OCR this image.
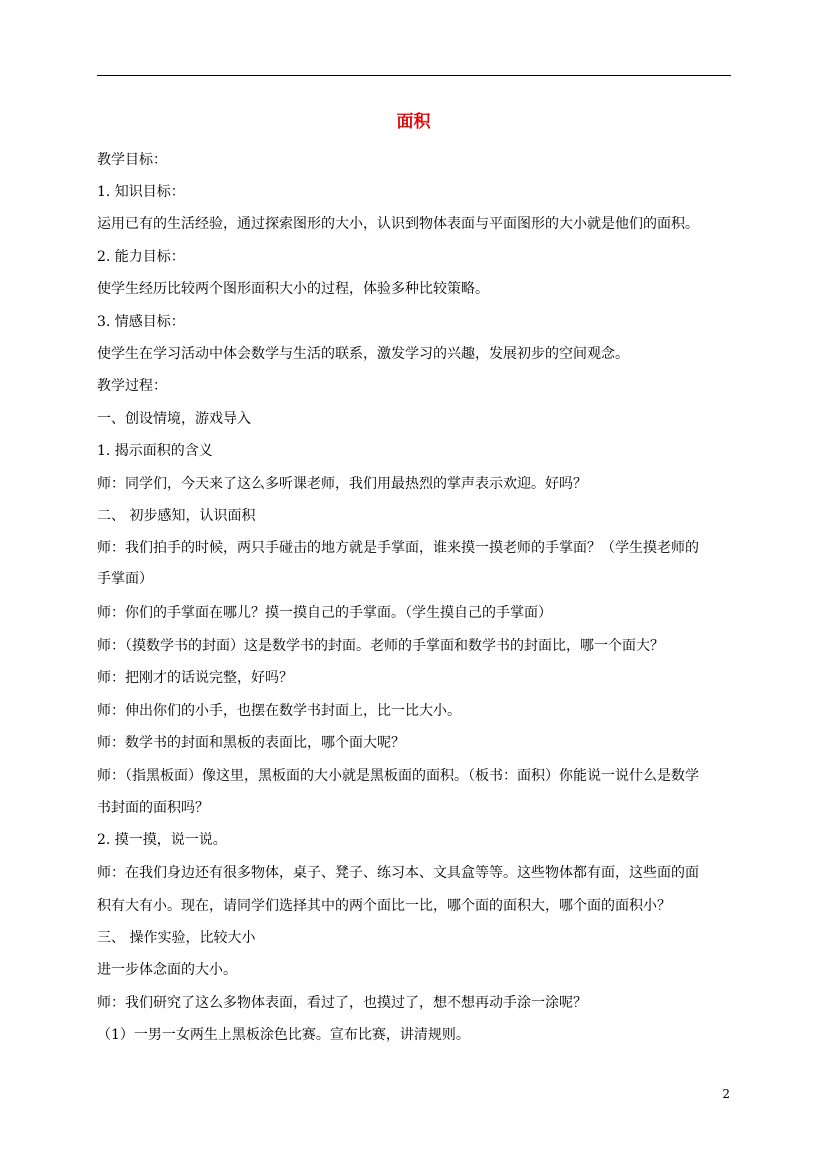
面积
教学目标：
1. 知识目标：
运用已有的生活经验，通过探索图形的大小，认识到物体表面与平面图形的大小就是他们的面积。
2. 能力目标：
使学生经历比较两个图形面积大小的过程，体验多种比较策略。
3. 情感目标：
使学生在学习活动中体会数学与生活的联系，激发学习的兴趣，发展初步的空间观念。
教学过程：
一、创设情境，游戏导入
1. 揭示面积的含义
师：同学们，今天来了这么多听课老师，我们用最热烈的掌声表示欢迎。好吗？
二、 初步感知，认识面积
师：我们拍手的时候，两只手碰击的地方就是手掌面，谁来摸一摸老师的手掌面？（学生摸老师的
手掌面）
师：你们的手掌面在哪儿？摸一摸自己的手掌面。（学生摸自己的手掌面）
师：（摸数学书的封面）这是数学书的封面。老师的手掌面和数学书的封面比，哪一个面大？
师：把刚才的话说完整，好吗？
师：伸出你们的小手，也摆在数学书封面上，比一比大小。
师：数学书的封面和黑板的表面比，哪个面大呢？
师：（指黑板面）像这里，黑板面的大小就是黑板面的面积。（板书：面积）你能说一说什么是数学
书封面的面积吗？
2. 摸一摸，说一说。
师：在我们身边还有很多物体，桌子、凳子、练习本、文具盒等等。这些物体都有面，这些面的面
积有大有小。现在，请同学们选择其中的两个面比一比，哪个面的面积大，哪个面的面积小？
三、 操作实验，比较大小
进一步体念面的大小。
师：我们研究了这么多物体表面，看过了，也摸过了，想不想再动手涂一涂呢？
（1）一男一女两生上黑板涂色比赛。宣布比赛，讲清规则。
2
